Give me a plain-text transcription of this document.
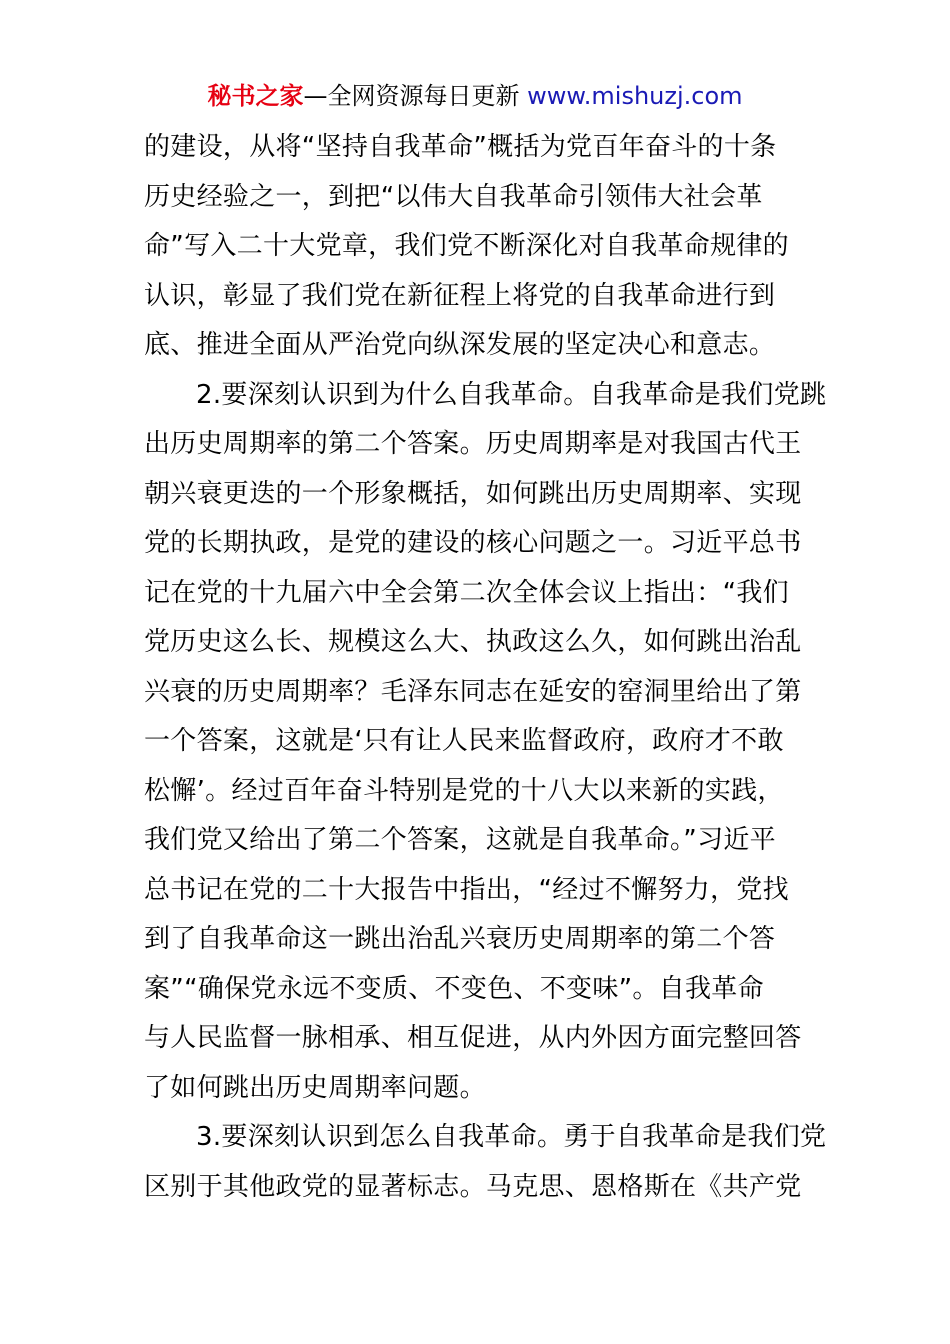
秘书之家—全网资源每日更新 www.mishuzj.com
的建设，从将“坚持自我革命”概括为党百年奋斗的十条
历史经验之一，到把“以伟大自我革命引领伟大社会革
命”写入二十大党章，我们党不断深化对自我革命规律的
认识，彰显了我们党在新征程上将党的自我革命进行到
底、推进全面从严治党向纵深发展的坚定决心和意志。
2.要深刻认识到为什么自我革命。自我革命是我们党跳
出历史周期率的第二个答案。历史周期率是对我国古代王
朝兴衰更迭的一个形象概括，如何跳出历史周期率、实现
党的长期执政，是党的建设的核心问题之一。习近平总书
记在党的十九届六中全会第二次全体会议上指出：“我们
党历史这么长、规模这么大、执政这么久，如何跳出治乱
兴衰的历史周期率？毛泽东同志在延安的窑洞里给出了第
一个答案，这就是‘只有让人民来监督政府，政府才不敢
松懈’。经过百年奋斗特别是党的十八大以来新的实践，
我们党又给出了第二个答案，这就是自我革命。”习近平
总书记在党的二十大报告中指出，“经过不懈努力，党找
到了自我革命这一跳出治乱兴衰历史周期率的第二个答
案”“确保党永远不变质、不变色、不变味”。自我革命
与人民监督一脉相承、相互促进，从内外因方面完整回答
了如何跳出历史周期率问题。
3.要深刻认识到怎么自我革命。勇于自我革命是我们党
区别于其他政党的显著标志。马克思、恩格斯在《共产党
